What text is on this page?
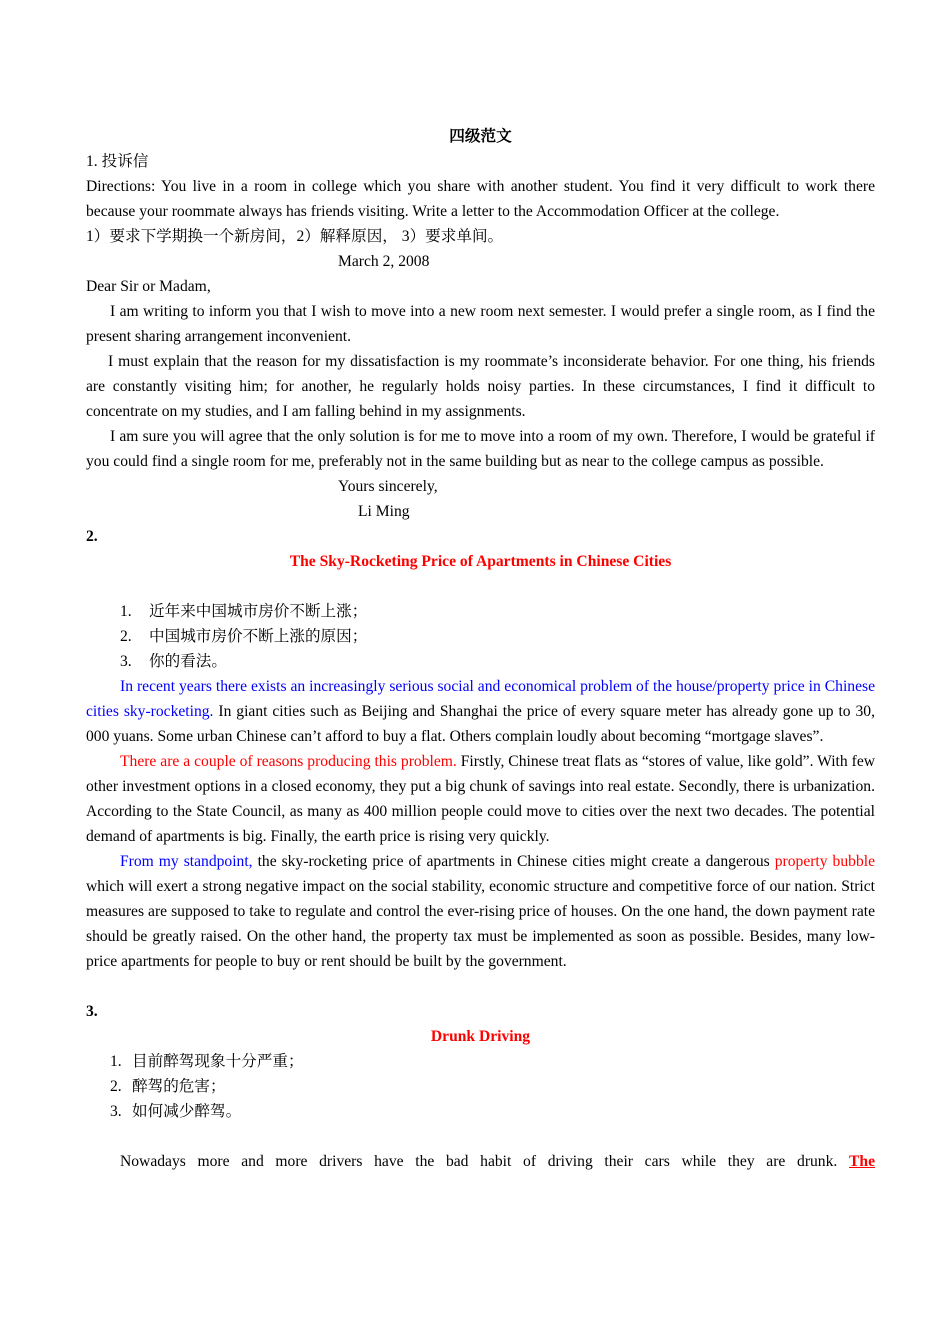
四级范文
1. 投诉信
Directions: You live in a room in college which you share with another student. You find it very difficult to work there because your roommate always has friends visiting. Write a letter to the Accommodation Officer at the college.
1）要求下学期换一个新房间，2）解释原因， 3）要求单间。
March 2, 2008
Dear Sir or Madam,
I am writing to inform you that I wish to move into a new room next semester. I would prefer a single room, as I find the present sharing arrangement inconvenient.
I must explain that the reason for my dissatisfaction is my roommate’s inconsiderate behavior. For one thing, his friends are constantly visiting him; for another, he regularly holds noisy parties. In these circumstances, I find it difficult to concentrate on my studies, and I am falling behind in my assignments.
I am sure you will agree that the only solution is for me to move into a room of my own. Therefore, I would be grateful if you could find a single room for me, preferably not in the same building but as near to the college campus as possible.
Yours sincerely,
Li Ming
2.
The Sky-Rocketing Price of Apartments in Chinese Cities
1. 近年来中国城市房价不断上涨；
2. 中国城市房价不断上涨的原因；
3. 你的看法。
In recent years there exists an increasingly serious social and economical problem of the house/property price in Chinese cities sky-rocketing. In giant cities such as Beijing and Shanghai the price of every square meter has already gone up to 30, 000 yuans. Some urban Chinese can’t afford to buy a flat. Others complain loudly about becoming “mortgage slaves”.
There are a couple of reasons producing this problem. Firstly, Chinese treat flats as “stores of value, like gold”. With few other investment options in a closed economy, they put a big chunk of savings into real estate. Secondly, there is urbanization. According to the State Council, as many as 400 million people could move to cities over the next two decades. The potential demand of apartments is big. Finally, the earth price is rising very quickly.
From my standpoint, the sky-rocketing price of apartments in Chinese cities might create a dangerous property bubble which will exert a strong negative impact on the social stability, economic structure and competitive force of our nation. Strict measures are supposed to take to regulate and control the ever-rising price of houses. On the one hand, the down payment rate should be greatly raised. On the other hand, the property tax must be implemented as soon as possible. Besides, many low-price apartments for people to buy or rent should be built by the government.
3.
Drunk Driving
1. 目前醉驾现象十分严重；
2. 醉驾的危害；
3. 如何减少醉驾。
Nowadays more and more drivers have the bad habit of driving their cars while they are drunk. The
